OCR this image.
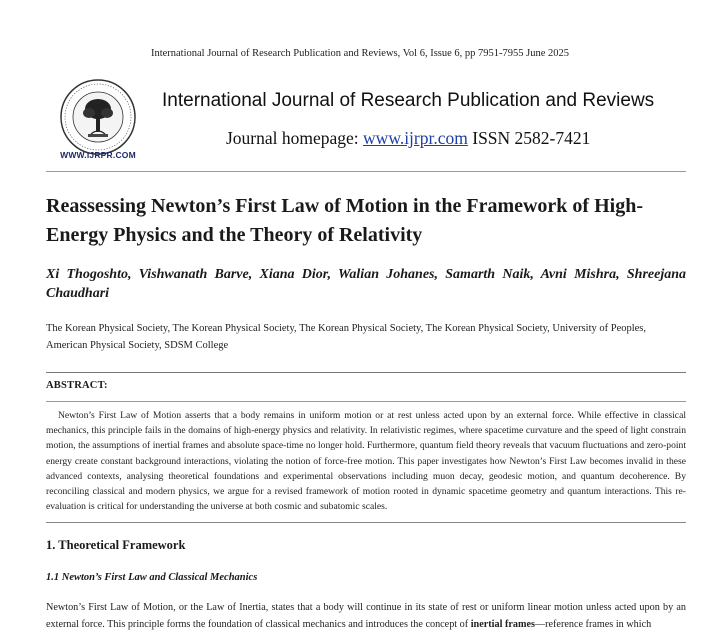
International Journal of Research Publication and Reviews, Vol 6, Issue 6, pp 7951-7955 June 2025
WWW.IJRPR.COM
International Journal of Research Publication and Reviews
Journal homepage: www.ijrpr.com ISSN 2582-7421
Reassessing Newton’s First Law of Motion in the Framework of High-Energy Physics and the Theory of Relativity
Xi Thogoshto, Vishwanath Barve, Xiana Dior, Walian Johanes, Samarth Naik, Avni Mishra, Shreejana Chaudhari
The Korean Physical Society, The Korean Physical Society, The Korean Physical Society, The Korean Physical Society, University of Peoples, American Physical Society, SDSM College
ABSTRACT:
Newton’s First Law of Motion asserts that a body remains in uniform motion or at rest unless acted upon by an external force. While effective in classical mechanics, this principle fails in the domains of high-energy physics and relativity. In relativistic regimes, where spacetime curvature and the speed of light constrain motion, the assumptions of inertial frames and absolute space-time no longer hold. Furthermore, quantum field theory reveals that vacuum fluctuations and zero-point energy create constant background interactions, violating the notion of force-free motion. This paper investigates how Newton’s First Law becomes invalid in these advanced contexts, analysing theoretical foundations and experimental observations including muon decay, geodesic motion, and quantum decoherence. By reconciling classical and modern physics, we argue for a revised framework of motion rooted in dynamic spacetime geometry and quantum interactions. This re-evaluation is critical for understanding the universe at both cosmic and subatomic scales.
1. Theoretical Framework
1.1 Newton’s First Law and Classical Mechanics
Newton’s First Law of Motion, or the Law of Inertia, states that a body will continue in its state of rest or uniform linear motion unless acted upon by an external force. This principle forms the foundation of classical mechanics and introduces the concept of inertial frames—reference frames in which
